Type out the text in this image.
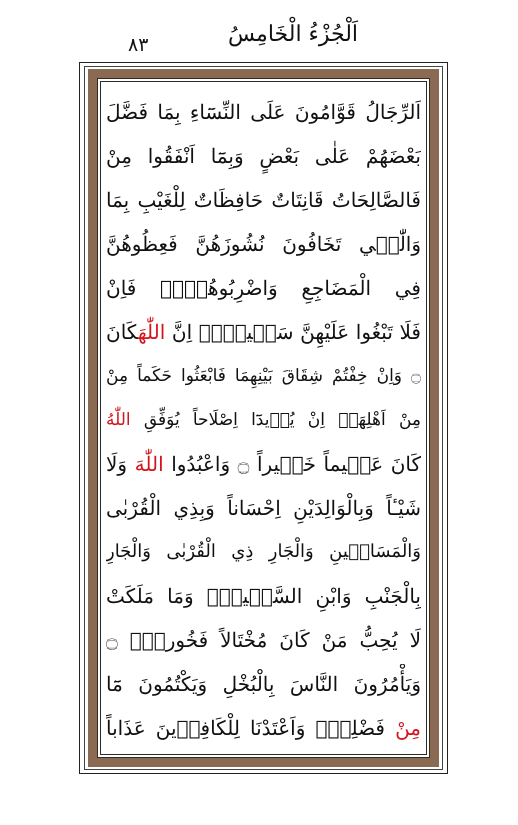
٨٣	اَلْجُزْءُ الْخَامِسُ
اَلرِّجَالُ قَوَّامُونَ عَلَى النِّسَٓاءِ بِمَا فَضَّلَ
بَعْضَهُمْ عَلٰى بَعْضٍ وَبِمَٓا اَنْفَقُوا مِنْ
فَالصَّالِحَاتُ قَانِتَاتٌ حَافِظَاتٌ لِلْغَيْبِ بِمَا
وَالّٰت۪ي تَخَافُونَ نُشُوزَهُنَّ فَعِظُوهُنَّ
فِي الْمَضَاجِعِ وَاضْرِبُوهُنَّۚ فَاِنْ
فَلَا تَبْغُوا عَلَيْهِنَّ سَب۪يلاًۜ اِنَّ اللّٰهَكَانَ
۝ وَاِنْ خِفْتُمْ شِقَاقَ بَيْنِهِمَا فَابْعَثُوا حَكَماً مِنْ
مِنْ اَهْلِهَاۚ اِنْ يُر۪يدَٓا اِصْلَاحاً يُوَفِّقِ اللّٰهُ
كَانَ عَل۪يماً خَب۪يراً ۝ وَاعْبُدُوا اللّٰهَ وَلَا
شَيْـٔاً وَبِالْوَالِدَيْنِ اِحْسَاناً وَبِذِي الْقُرْبٰى
وَالْمَسَاك۪ينِ وَالْجَارِ ذِي الْقُرْبٰى وَالْجَارِ
بِالْجَنْبِ وَابْنِ السَّب۪يلِۙ وَمَا مَلَكَتْ
لَا يُحِبُّ مَنْ كَانَ مُخْتَالاً فَخُوراًۙ ۝
وَيَأْمُرُونَ النَّاسَ بِالْبُخْلِ وَيَكْتُمُونَ مَٓا
مِنْ فَضْلِه۪ۜ وَاَعْتَدْنَا لِلْكَافِر۪ينَ عَذَاباً
